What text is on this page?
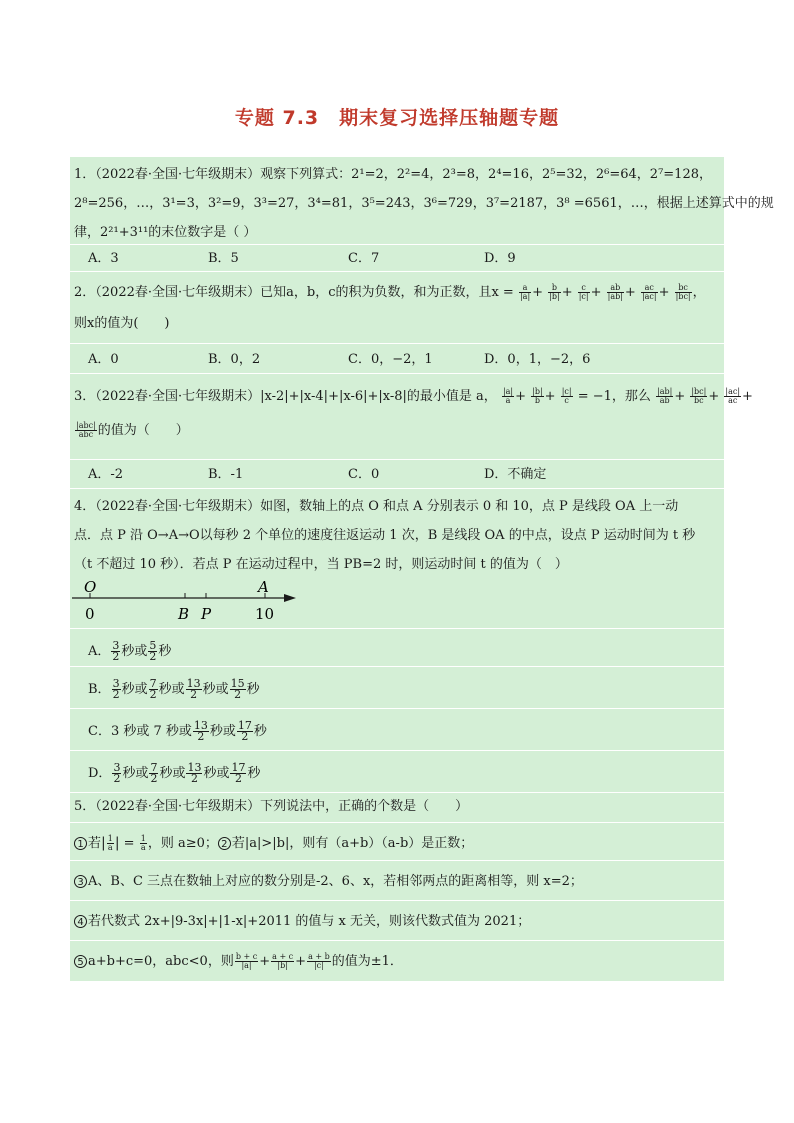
专题 7.3　期末复习选择压轴题专题
1．（2022春·全国·七年级期末）观察下列算式：2¹=2，2²=4，2³=8，2⁴=16，2⁵=32，2⁶=64，2⁷=128，
2⁸=256，…，3¹=3，3²=9，3³=27，3⁴=81，3⁵=243，3⁶=729，3⁷=2187，3⁸ =6561，…，根据上述算式中的规
律，2²¹+3¹¹的末位数字是（ ）
A．3	B．5	C．7	D．9
2．（2022春·全国·七年级期末）已知a，b，c的积为负数，和为正数，且$x = \frac{a}{|a|} + \frac{b}{|b|} + \frac{c}{|c|} + \frac{ab}{|ab|} + \frac{ac}{|ac|} + \frac{bc}{|bc|}$ ，
则x的值为(　　)
A．0	B．0，2	C．0，−2，1	D．0，1，−2，6
3．（2022春·全国·七年级期末）|x-2|+|x-4|+|x-6|+|x-8|的最小值是 a， $\frac{|a|}{a} + \frac{|b|}{b} + \frac{|c|}{c} = -1$，那么 $\frac{|ab|}{ab} + \frac{|bc|}{bc} + \frac{|ac|}{ac}$ +
$\frac{\text{|abc|}}{\text{abc}}$ 的值为（　　）
A．-2	B．-1	C．0	D．不确定
4．（2022春·全国·七年级期末）如图，数轴上的点 O 和点 A 分别表示 0 和 10，点 P 是线段 OA 上一动
点．点 P 沿 O→A→O以每秒 2 个单位的速度往返运动 1 次，B 是线段 OA 的中点，设点 P 运动时间为 t 秒
（t 不超过 10 秒）．若点 P 在运动过程中，当 PB=2 时，则运动时间 t 的值为（　）
O	A
0	10
B P
A． $\frac{3}{2}$ 秒或 $\frac{5}{2}$ 秒
B． $\frac{3}{2}$ 秒或 $\frac{7}{2}$ 秒或 $\frac{13}{2}$ 秒或 $\frac{15}{2}$ 秒
C．3 秒或 7 秒或 $\frac{13}{2}$ 秒或 $\frac{17}{2}$ 秒
D． $\frac{3}{2}$ 秒或 $\frac{7}{2}$ 秒或 $\frac{13}{2}$ 秒或 $\frac{17}{2}$ 秒
5．（2022春·全国·七年级期末）下列说法中，正确的个数是（　　）
1 若| $\frac{1}{a}$ | = $\frac{1}{a}$ ，则 a≥0； 2 若|a|>|b|，则有（a+b）（a-b）是正数；
3 A、B、C 三点在数轴上对应的数分别是-2、6、x，若相邻两点的距离相等，则 x=2；
4 若代数式 2x+|9-3x|+|1-x|+2011 的值与 x 无关，则该代数式值为 2021；
5 a+b+c=0，abc<0，则 $\frac{b + c}{|a|} + \frac{a + c}{|b|} + \frac{a + b}{|c|}$ 的值为±1．
